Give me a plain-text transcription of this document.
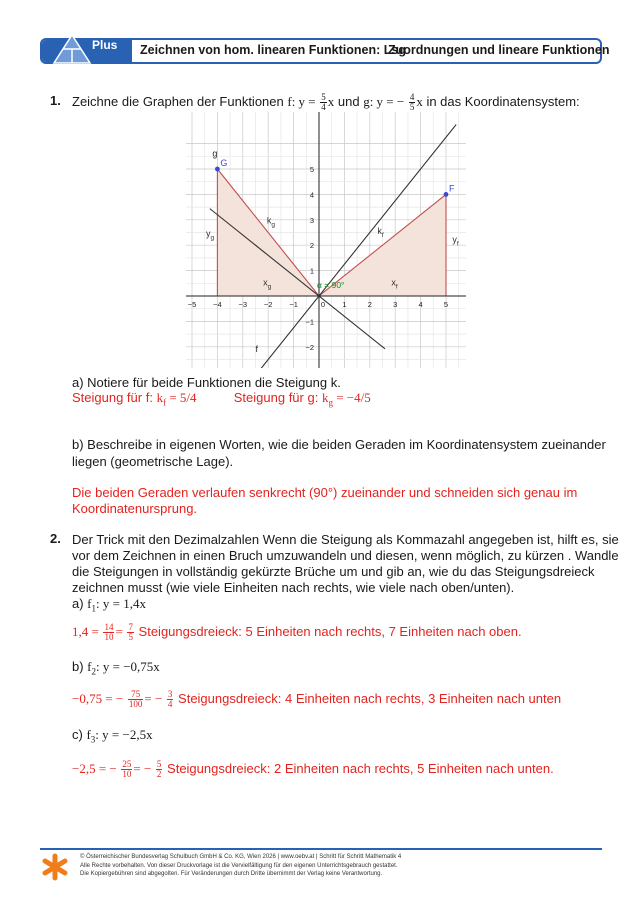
Plus Zeichnen von hom. linearen Funktionen: Lsg
Zuordnungen und lineare Funktionen
1. Zeichne die Graphen der Funktionen f: $y = \frac{5}{4}$ x und g: y = − $\frac{4}{5}$ x in das Koordinatensystem:
−5 −4 −3 −2 −1	0 1	2	3	4	5
−2
−1
1
2
3
4
5
F
G
g
f
$k_g$
$k_f$
$y_g$	$y_f$
$x_g$	$x_f$
α = 90°
a) Notiere für beide Funktionen die Steigung k.
Steigung für f: $k_f = 5/4$	Steigung für g: $k_g = -4/5$
b) Beschreibe in eigenen Worten, wie die beiden Geraden im Koordinatensystem zueinander
liegen (geometrische Lage).
Die beiden Geraden verlaufen senkrecht (90°) zueinander und schneiden sich genau im
Koordinatenursprung.
2. Der Trick mit den Dezimalzahlen Wenn die Steigung als Kommazahl angegeben ist, hilft es, sie
vor dem Zeichnen in einen Bruch umzuwandeln und diesen, wenn möglich, zu kürzen . Wandle
die Steigungen in vollständig gekürzte Brüche um und gib an, wie du das Steigungsdreieck
zeichnen musst (wie viele Einheiten nach rechts, wie viele nach oben/unten).
a) $f_1$: y = 1,4x
$1,4 = \frac{14}{10} = \frac{7}{5}$ Steigungsdreieck: 5 Einheiten nach rechts, 7 Einheiten nach oben.
b) $f_2$: y = −0,75x
−0,75 = − $\frac{75}{100}$ = − $\frac{3}{4}$ Steigungsdreieck: 4 Einheiten nach rechts, 3 Einheiten nach unten
c) $f_3$: y = −2,5x
−2,5 = − $\frac{25}{10}$ = − $\frac{5}{2}$ Steigungsdreieck: 2 Einheiten nach rechts, 5 Einheiten nach unten.
© Österreichischer Bundesverlag Schulbuch GmbH & Co. KG, Wien 2026 | www.oebv.at | Schritt für Schritt Mathematik 4
Alle Rechte vorbehalten. Von dieser Druckvorlage ist die Vervielfältigung für den eigenen Unterrichtsgebrauch gestattet.
Die Kopiergebühren sind abgegolten. Für Veränderungen durch Dritte übernimmt der Verlag keine Verantwortung.
